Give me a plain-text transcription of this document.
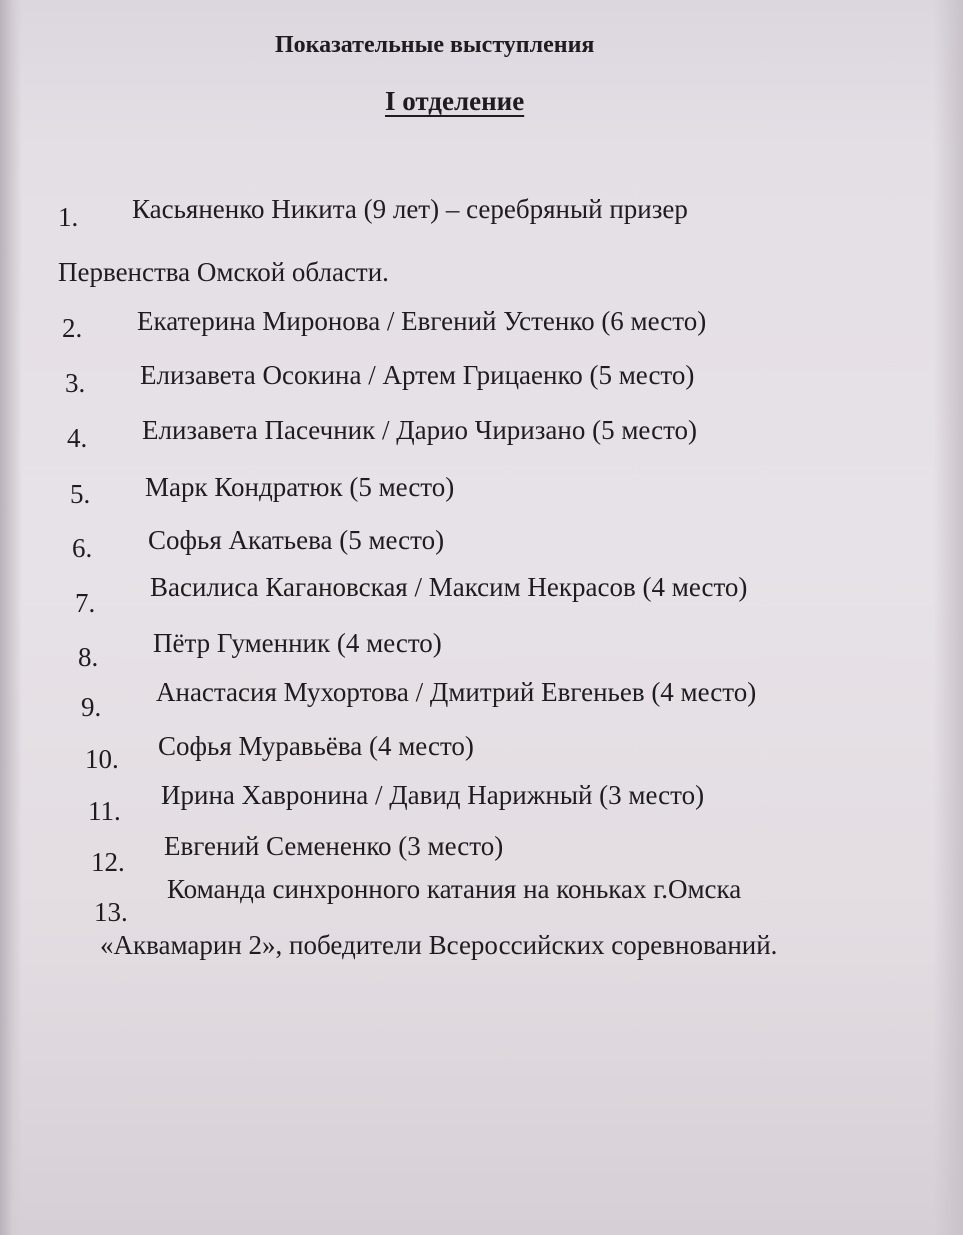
Показательные выступления
I отделение
1. Касьяненко Никита (9 лет) – серебряный призер
Первенства Омской области.
2. Екатерина Миронова / Евгений Устенко (6 место)
3. Елизавета Осокина / Артем Грицаенко (5 место)
4. Елизавета Пасечник / Дарио Чиризано (5 место)
5. Марк Кондратюк (5 место)
6. Софья Акатьева (5 место)
7.
Василиса Кагановская / Максим Некрасов (4 место)
8. Пётр Гуменник (4 место)
9. Анастасия Мухортова / Дмитрий Евгеньев (4 место)
10. Софья Муравьёва (4 место)
11.
Ирина Хавронина / Давид Нарижный (3 место)
12.
Евгений Семененко (3 место)
13.
Команда синхронного катания на коньках г.Омска
«Аквамарин 2», победители Всероссийских соревнований.
